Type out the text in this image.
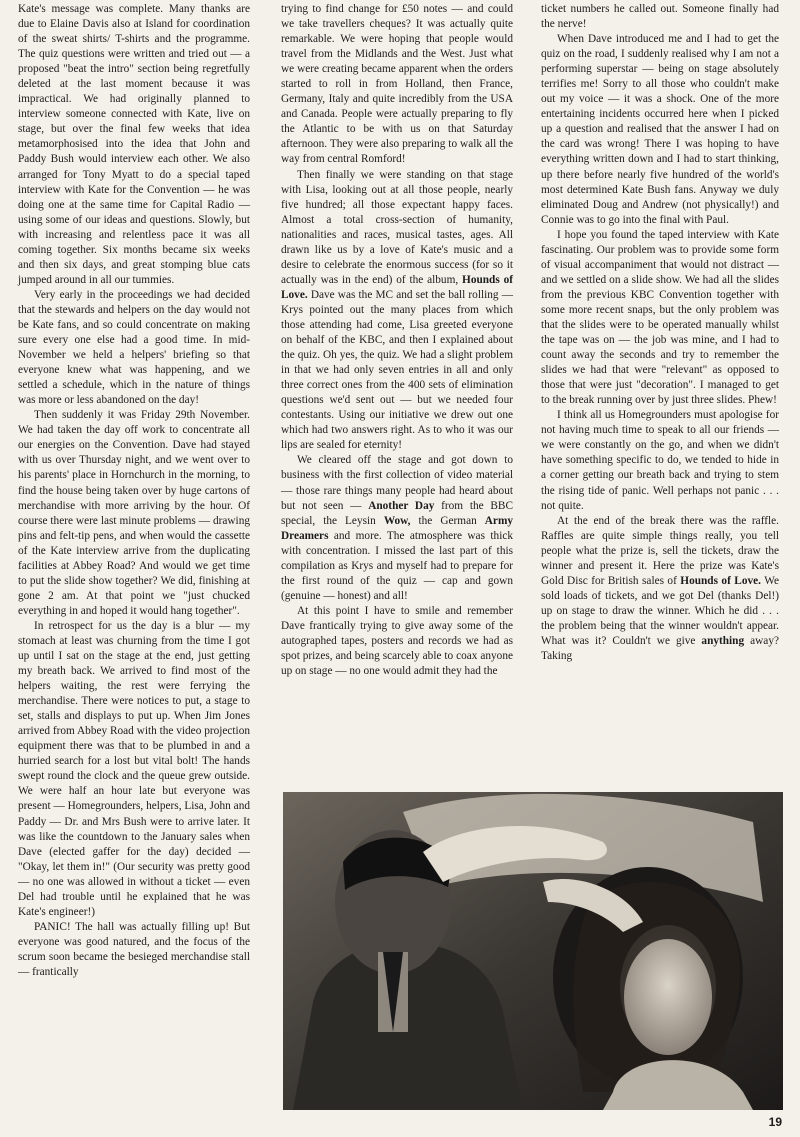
Kate's message was complete. Many thanks are due to Elaine Davis also at Island for coordination of the sweat shirts/ T-shirts and the programme. The quiz questions were written and tried out — a proposed "beat the intro" section being regretfully deleted at the last moment because it was impractical. We had originally planned to interview someone connected with Kate, live on stage, but over the final few weeks that idea metamorphosised into the idea that John and Paddy Bush would interview each other. We also arranged for Tony Myatt to do a special taped interview with Kate for the Convention — he was doing one at the same time for Capital Radio — using some of our ideas and questions. Slowly, but with increasing and relentless pace it was all coming together. Six months became six weeks and then six days, and great stomping blue cats jumped around in all our tummies.

Very early in the proceedings we had decided that the stewards and helpers on the day would not be Kate fans, and so could concentrate on making sure every one else had a good time. In mid-November we held a helpers' briefing so that everyone knew what was happening, and we settled a schedule, which in the nature of things was more or less abandoned on the day!

Then suddenly it was Friday 29th November. We had taken the day off work to concentrate all our energies on the Convention. Dave had stayed with us over Thursday night, and we went over to his parents' place in Hornchurch in the morning, to find the house being taken over by huge cartons of merchandise with more arriving by the hour. Of course there were last minute problems — drawing pins and felt-tip pens, and when would the cassette of the Kate interview arrive from the duplicating facilities at Abbey Road? And would we get time to put the slide show together? We did, finishing at gone 2 am. At that point we "just chucked everything in and hoped it would hang together".

In retrospect for us the day is a blur — my stomach at least was churning from the time I got up until I sat on the stage at the end, just getting my breath back. We arrived to find most of the helpers waiting, the rest were ferrying the merchandise. There were notices to put, a stage to set, stalls and displays to put up. When Jim Jones arrived from Abbey Road with the video projection equipment there was that to be plumbed in and a hurried search for a lost but vital bolt! The hands swept round the clock and the queue grew outside. We were half an hour late but everyone was present — Homegrounders, helpers, Lisa, John and Paddy — Dr. and Mrs Bush were to arrive later. It was like the countdown to the January sales when Dave (elected gaffer for the day) decided — "Okay, let them in!" (Our security was pretty good — no one was allowed in without a ticket — even Del had trouble until he explained that he was Kate's engineer!)

PANIC! The hall was actually filling up! But everyone was good natured, and the focus of the scrum soon became the besieged merchandise stall — frantically

trying to find change for £50 notes — and could we take travellers cheques? It was actually quite remarkable. We were hoping that people would travel from the Midlands and the West. Just what we were creating became apparent when the orders started to roll in from Holland, then France, Germany, Italy and quite incredibly from the USA and Canada. People were actually preparing to fly the Atlantic to be with us on that Saturday afternoon. They were also preparing to walk all the way from central Romford!

Then finally we were standing on that stage with Lisa, looking out at all those people, nearly five hundred; all those expectant happy faces. Almost a total cross-section of humanity, nationalities and races, musical tastes, ages. All drawn like us by a love of Kate's music and a desire to celebrate the enormous success (for so it actually was in the end) of the album, Hounds of Love. Dave was the MC and set the ball rolling — Krys pointed out the many places from which those attending had come, Lisa greeted everyone on behalf of the KBC, and then I explained about the quiz. Oh yes, the quiz. We had a slight problem in that we had only seven entries in all and only three correct ones from the 400 sets of elimination questions we'd sent out — but we needed four contestants. Using our initiative we drew out one which had two answers right. As to who it was our lips are sealed for eternity!

We cleared off the stage and got down to business with the first collection of video material — those rare things many people had heard about but not seen — Another Day from the BBC special, the Leysin Wow, the German Army Dreamers and more. The atmosphere was thick with concentration. I missed the last part of this compilation as Krys and myself had to prepare for the first round of the quiz — cap and gown (genuine — honest) and all!

At this point I have to smile and remember Dave frantically trying to give away some of the autographed tapes, posters and records we had as spot prizes, and being scarcely able to coax anyone up on stage — no one would admit they had the

ticket numbers he called out. Someone finally had the nerve!

When Dave introduced me and I had to get the quiz on the road, I suddenly realised why I am not a performing superstar — being on stage absolutely terrifies me! Sorry to all those who couldn't make out my voice — it was a shock. One of the more entertaining incidents occurred here when I picked up a question and realised that the answer I had on the card was wrong! There I was hoping to have everything written down and I had to start thinking, up there before nearly five hundred of the world's most determined Kate Bush fans. Anyway we duly eliminated Doug and Andrew (not physically!) and Connie was to go into the final with Paul.

I hope you found the taped interview with Kate fascinating. Our problem was to provide some form of visual accompaniment that would not distract — and we settled on a slide show. We had all the slides from the previous KBC Convention together with some more recent snaps, but the only problem was that the slides were to be operated manually whilst the tape was on — the job was mine, and I had to count away the seconds and try to remember the slides we had that were "relevant" as opposed to those that were just "decoration". I managed to get to the break running over by just three slides. Phew!

I think all us Homegrounders must apologise for not having much time to speak to all our friends — we were constantly on the go, and when we didn't have something specific to do, we tended to hide in a corner getting our breath back and trying to stem the rising tide of panic. Well perhaps not panic . . . not quite.

At the end of the break there was the raffle. Raffles are quite simple things really, you tell people what the prize is, sell the tickets, draw the winner and present it. Here the prize was Kate's Gold Disc for British sales of Hounds of Love. We sold loads of tickets, and we got Del (thanks Del!) up on stage to draw the winner. Which he did . . . the problem being that the winner wouldn't appear. What was it? Couldn't we give anything away? Taking

19
